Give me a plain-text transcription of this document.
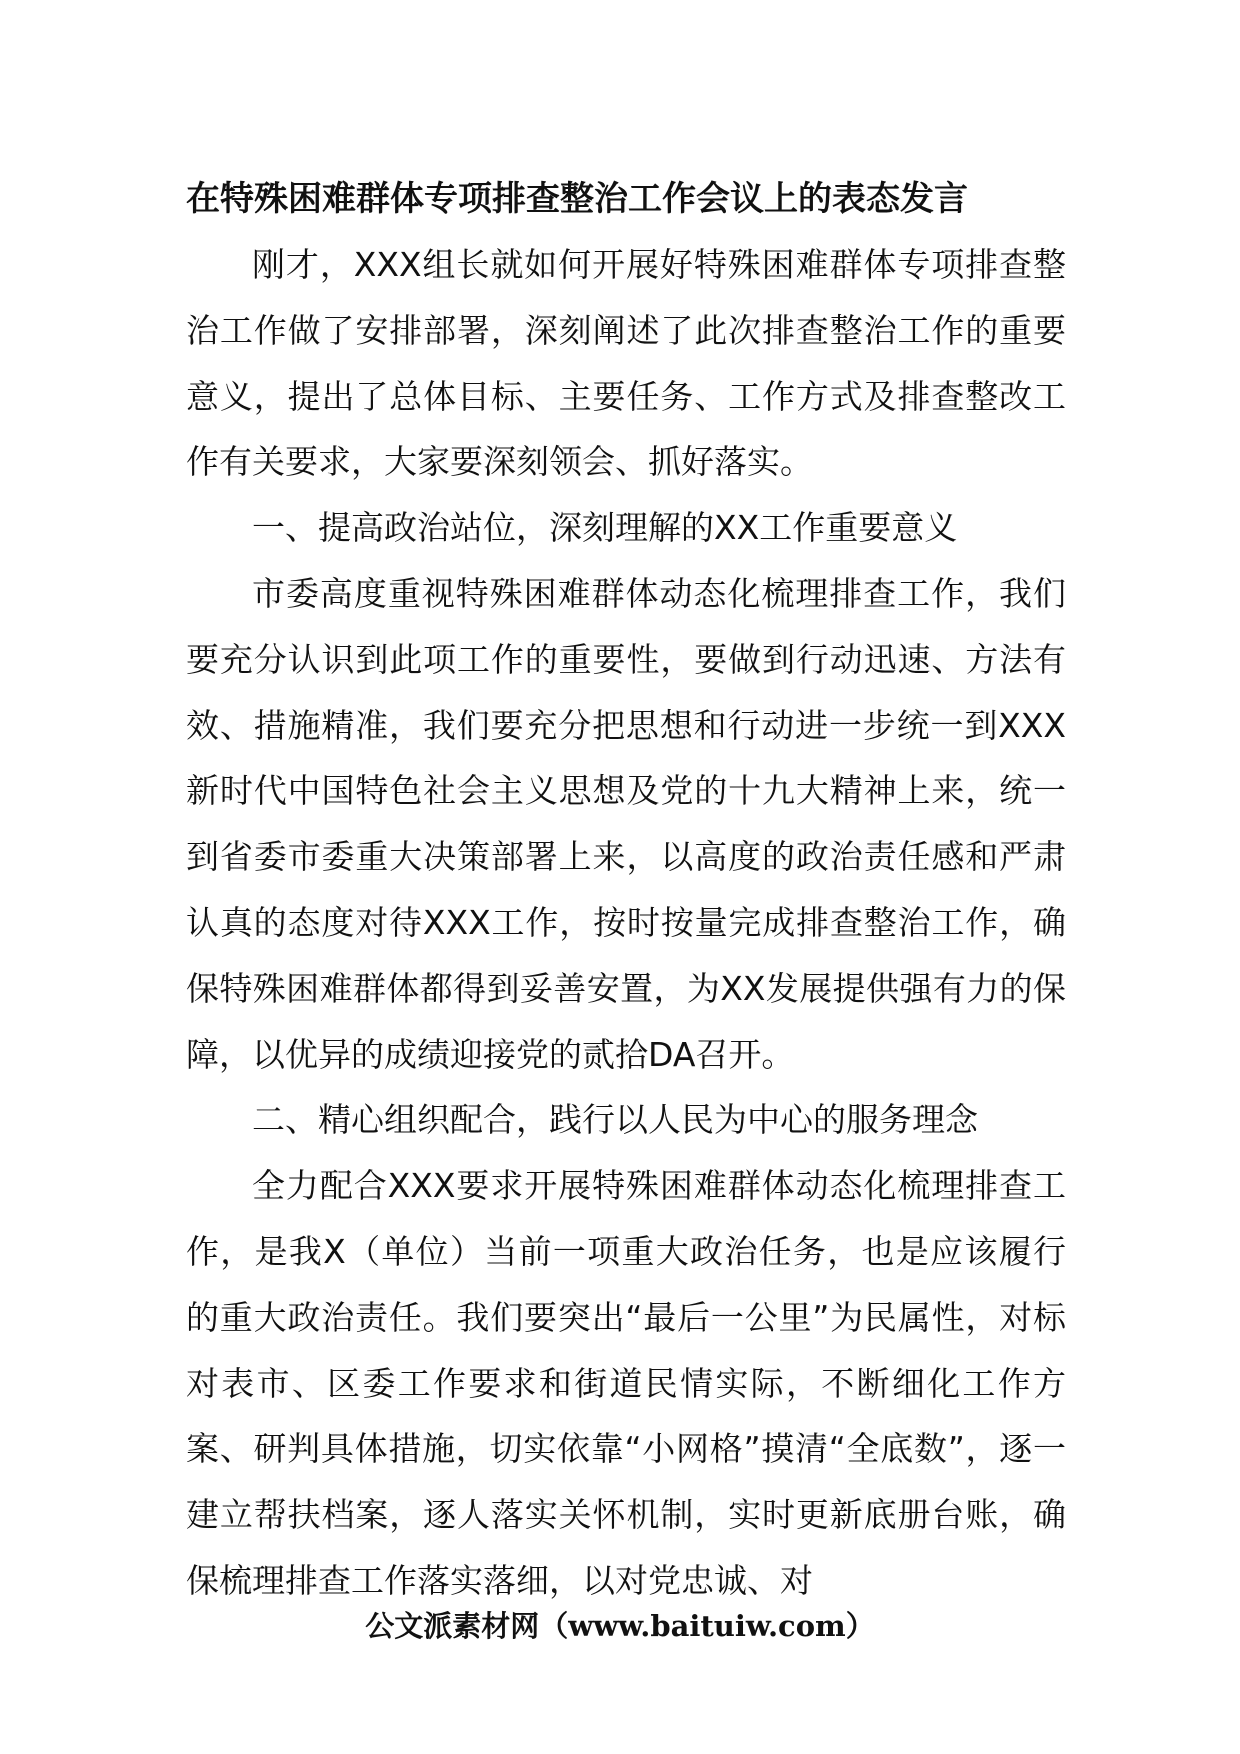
在特殊困难群体专项排查整治工作会议上的表态发言

刚才，XXX组长就如何开展好特殊困难群体专项排查整治工作做了安排部署，深刻阐述了此次排查整治工作的重要意义，提出了总体目标、主要任务、工作方式及排查整改工作有关要求，大家要深刻领会、抓好落实。

一、提高政治站位，深刻理解的XX工作重要意义

市委高度重视特殊困难群体动态化梳理排查工作，我们要充分认识到此项工作的重要性，要做到行动迅速、方法有效、措施精准，我们要充分把思想和行动进一步统一到XXX新时代中国特色社会主义思想及党的十九大精神上来，统一到省委市委重大决策部署上来，以高度的政治责任感和严肃认真的态度对待XXX工作，按时按量完成排查整治工作，确保特殊困难群体都得到妥善安置，为XX发展提供强有力的保障，以优异的成绩迎接党的贰拾DA召开。

二、精心组织配合，践行以人民为中心的服务理念

全力配合XXX要求开展特殊困难群体动态化梳理排查工作，是我X（单位）当前一项重大政治任务，也是应该履行的重大政治责任。我们要突出“最后一公里”为民属性，对标对表市、区委工作要求和街道民情实际，不断细化工作方案、研判具体措施，切实依靠“小网格”摸清“全底数”，逐一建立帮扶档案，逐人落实关怀机制，实时更新底册台账，确保梳理排查工作落实落细，以对党忠诚、对

公文派素材网（www.baituiw.com）
